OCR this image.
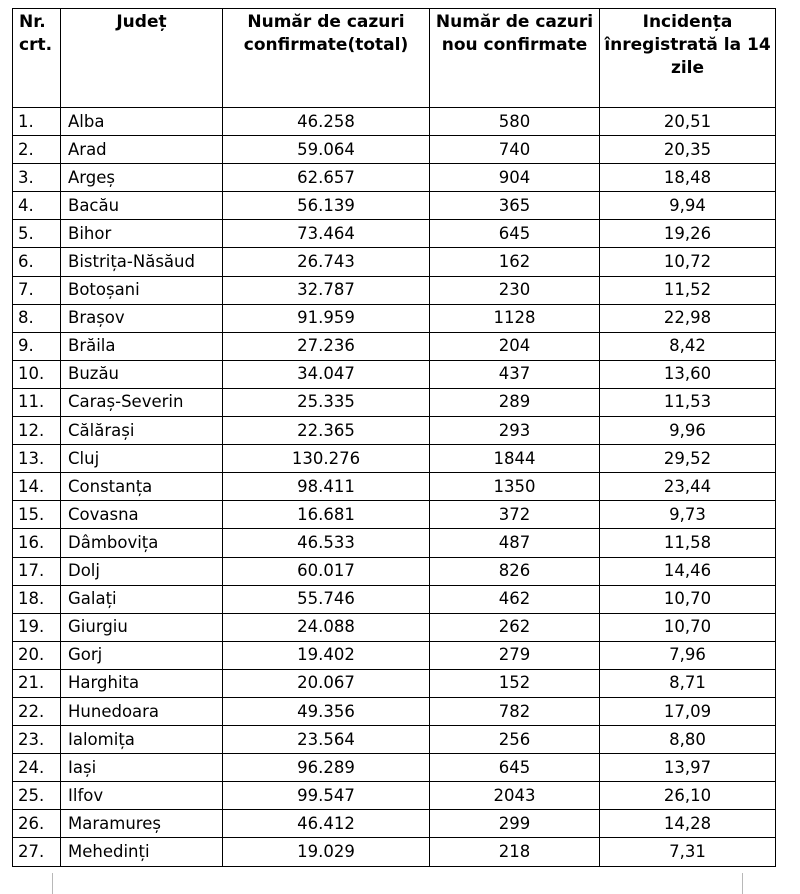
Nr. crt.	Județ	Număr de cazuri confirmate(total)	Număr de cazuri nou confirmate	Incidența înregistrată la 14 zile
1.	Alba	46.258	580	20,51
2.	Arad	59.064	740	20,35
3.	Argeș	62.657	904	18,48
4.	Bacău	56.139	365	9,94
5.	Bihor	73.464	645	19,26
6.	Bistrița-Năsăud	26.743	162	10,72
7.	Botoșani	32.787	230	11,52
8.	Brașov	91.959	1128	22,98
9.	Brăila	27.236	204	8,42
10.	Buzău	34.047	437	13,60
11.	Caraș-Severin	25.335	289	11,53
12.	Călărași	22.365	293	9,96
13.	Cluj	130.276	1844	29,52
14.	Constanța	98.411	1350	23,44
15.	Covasna	16.681	372	9,73
16.	Dâmbovița	46.533	487	11,58
17.	Dolj	60.017	826	14,46
18.	Galați	55.746	462	10,70
19.	Giurgiu	24.088	262	10,70
20.	Gorj	19.402	279	7,96
21.	Harghita	20.067	152	8,71
22.	Hunedoara	49.356	782	17,09
23.	Ialomița	23.564	256	8,80
24.	Iași	96.289	645	13,97
25.	Ilfov	99.547	2043	26,10
26.	Maramureș	46.412	299	14,28
27.	Mehedinți	19.029	218	7,31
